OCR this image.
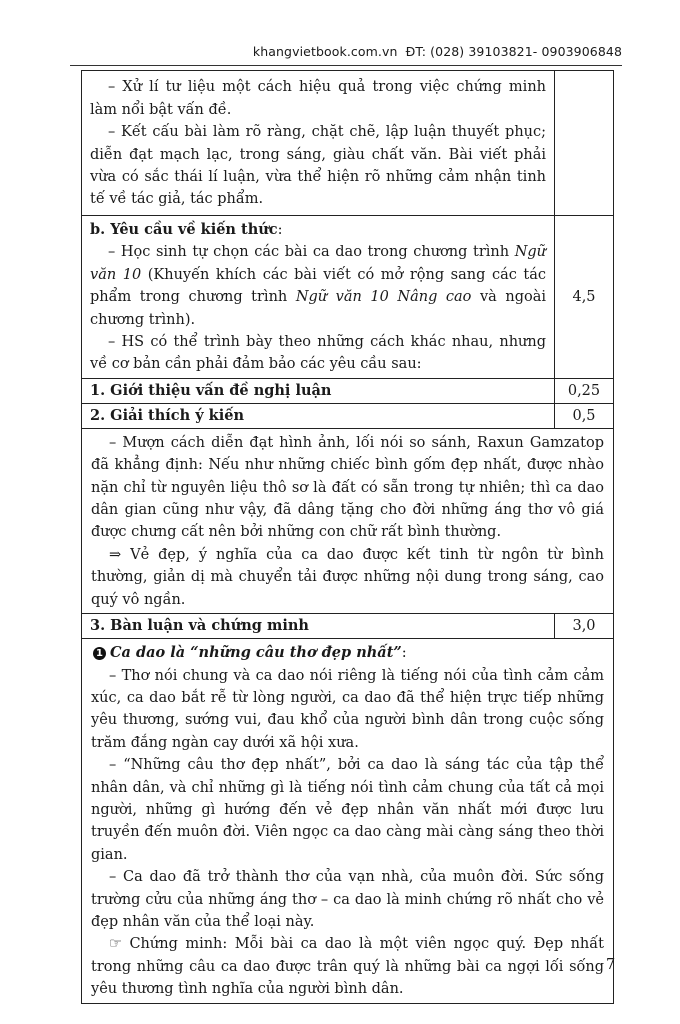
khangvietbook.com.vn ĐT: (028) 39103821- 0903906848

– Xử lí tư liệu một cách hiệu quả trong việc chứng minh làm nổi bật vấn đề.

– Kết cấu bài làm rõ ràng, chặt chẽ, lập luận thuyết phục; diễn đạt mạch lạc, trong sáng, giàu chất văn. Bài viết phải vừa có sắc thái lí luận, vừa thể hiện rõ những cảm nhận tinh tế về tác giả, tác phẩm.	

b. Yêu cầu về kiến thức:

– Học sinh tự chọn các bài ca dao trong chương trình Ngữ văn 10 (Khuyến khích các bài viết có mở rộng sang các tác phẩm trong chương trình Ngữ văn 10 Nâng cao và ngoài chương trình).

– HS có thể trình bày theo những cách khác nhau, nhưng về cơ bản cần phải đảm bảo các yêu cầu sau:	4,5

1. Giới thiệu vấn đề nghị luận	0,25

2. Giải thích ý kiến	0,5

– Mượn cách diễn đạt hình ảnh, lối nói so sánh, Raxun Gamzatop đã khẳng định: Nếu như những chiếc bình gốm đẹp nhất, được nhào nặn chỉ từ nguyên liệu thô sơ là đất có sẵn trong tự nhiên; thì ca dao dân gian cũng như vậy, đã dâng tặng cho đời những áng thơ vô giá được chưng cất nên bởi những con chữ rất bình thường.

⇒ Vẻ đẹp, ý nghĩa của ca dao được kết tinh từ ngôn từ bình thường, giản dị mà chuyển tải được những nội dung trong sáng, cao quý vô ngần.	

3. Bàn luận và chứng minh	3,0

1 Ca dao là “những câu thơ đẹp nhất”:

– Thơ nói chung và ca dao nói riêng là tiếng nói của tình cảm cảm xúc, ca dao bắt rễ từ lòng người, ca dao đã thể hiện trực tiếp những yêu thương, sướng vui, đau khổ của người bình dân trong cuộc sống trăm đắng ngàn cay dưới xã hội xưa.

– “Những câu thơ đẹp nhất”, bởi ca dao là sáng tác của tập thể nhân dân, và chỉ những gì là tiếng nói tình cảm chung của tất cả mọi người, những gì hướng đến vẻ đẹp nhân văn nhất mới được lưu truyền đến muôn đời. Viên ngọc ca dao càng mài càng sáng theo thời gian.

– Ca dao đã trở thành thơ của vạn nhà, của muôn đời. Sức sống trường cửu của những áng thơ – ca dao là minh chứng rõ nhất cho vẻ đẹp nhân văn của thể loại này.

☞ Chứng minh: Mỗi bài ca dao là một viên ngọc quý. Đẹp nhất trong những câu ca dao được trân quý là những bài ca ngợi lối sống yêu thương tình nghĩa của người bình dân.	

7
